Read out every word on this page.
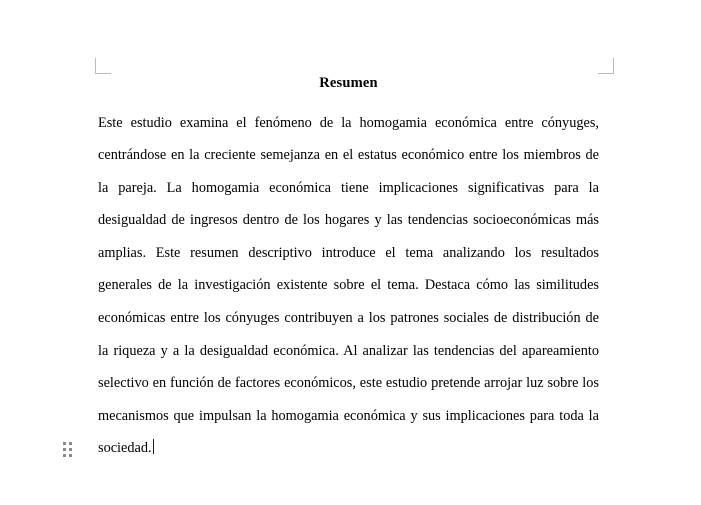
Resumen

Este estudio examina el fenómeno de la homogamia económica entre cónyuges, centrándose en la creciente semejanza en el estatus económico entre los miembros de la pareja. La homogamia económica tiene implicaciones significativas para la desigualdad de ingresos dentro de los hogares y las tendencias socioeconómicas más amplias. Este resumen descriptivo introduce el tema analizando los resultados generales de la investigación existente sobre el tema. Destaca cómo las similitudes económicas entre los cónyuges contribuyen a los patrones sociales de distribución de la riqueza y a la desigualdad económica. Al analizar las tendencias del apareamiento selectivo en función de factores económicos, este estudio pretende arrojar luz sobre los mecanismos que impulsan la homogamia económica y sus implicaciones para toda la sociedad.
